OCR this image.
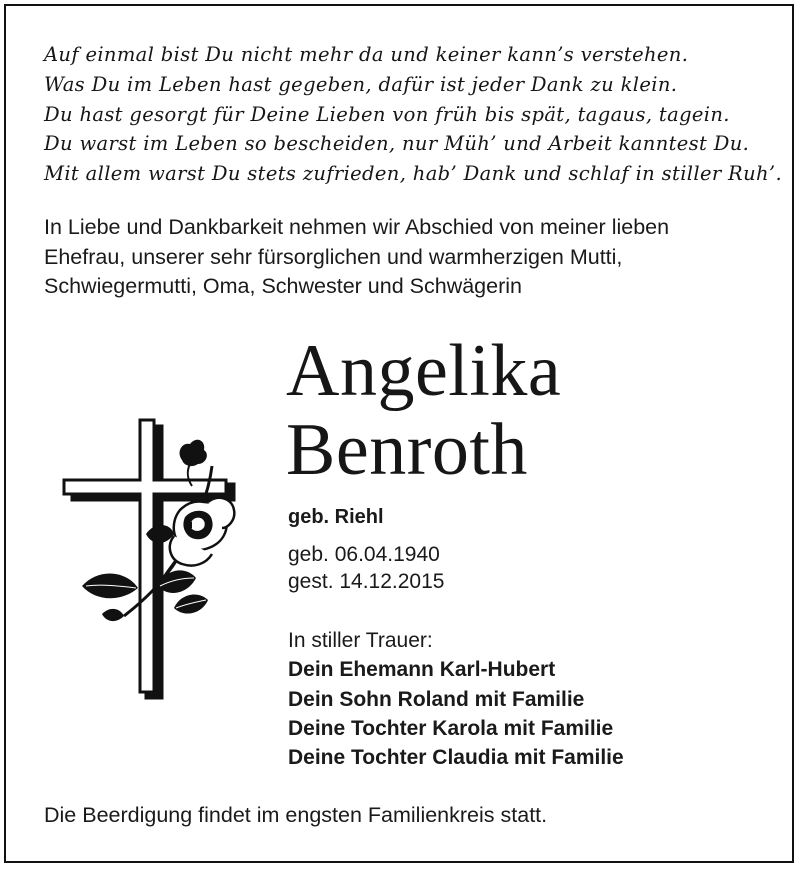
Auf einmal bist Du nicht mehr da und keiner kann’s verstehen.
Was Du im Leben hast gegeben, dafür ist jeder Dank zu klein.
Du hast gesorgt für Deine Lieben von früh bis spät, tagaus, tagein.
Du warst im Leben so bescheiden, nur Müh’ und Arbeit kanntest Du.
Mit allem warst Du stets zufrieden, hab’ Dank und schlaf in stiller Ruh’.
In Liebe und Dankbarkeit nehmen wir Abschied von meiner lieben
Ehefrau, unserer sehr fürsorglichen und warmherzigen Mutti,
Schwiegermutti, Oma, Schwester und Schwägerin
Angelika
Benroth
geb. Riehl
geb. 06.04.1940
gest. 14.12.2015
In stiller Trauer:
Dein Ehemann Karl-Hubert
Dein Sohn Roland mit Familie
Deine Tochter Karola mit Familie
Deine Tochter Claudia mit Familie
Die Beerdigung findet im engsten Familienkreis statt.
